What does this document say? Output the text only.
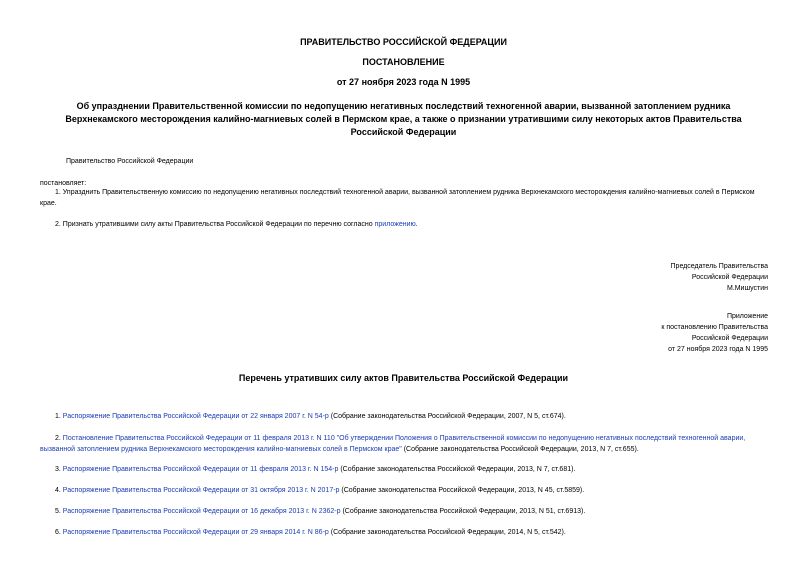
ПРАВИТЕЛЬСТВО РОССИЙСКОЙ ФЕДЕРАЦИИ
ПОСТАНОВЛЕНИЕ
от 27 ноября 2023 года N 1995
Об упразднении Правительственной комиссии по недопущению негативных последствий техногенной аварии, вызванной затоплением рудника Верхнекамского месторождения калийно-магниевых солей в Пермском крае, а также о признании утратившими силу некоторых актов Правительства Российской Федерации
Правительство Российской Федерации
постановляет:
1. Упразднить Правительственную комиссию по недопущению негативных последствий техногенной аварии, вызванной затоплением рудника Верхнекамского месторождения калийно-магниевых солей в Пермском крае.
2. Признать утратившими силу акты Правительства Российской Федерации по перечню согласно приложению.
Председатель Правительства
Российской Федерации
М.Мишустин
Приложение
к постановлению Правительства
Российской Федерации
от 27 ноября 2023 года N 1995
Перечень утративших силу актов Правительства Российской Федерации
1. Распоряжение Правительства Российской Федерации от 22 января 2007 г. N 54-р (Собрание законодательства Российской Федерации, 2007, N 5, ст.674).
2. Постановление Правительства Российской Федерации от 11 февраля 2013 г. N 110 "Об утверждении Положения о Правительственной комиссии по недопущению негативных последствий техногенной аварии, вызванной затоплением рудника Верхнекамского месторождения калийно-магниевых солей в Пермском крае" (Собрание законодательства Российской Федерации, 2013, N 7, ст.655).
3. Распоряжение Правительства Российской Федерации от 11 февраля 2013 г. N 154-р (Собрание законодательства Российской Федерации, 2013, N 7, ст.681).
4. Распоряжение Правительства Российской Федерации от 31 октября 2013 г. N 2017-р (Собрание законодательства Российской Федерации, 2013, N 45, ст.5859).
5. Распоряжение Правительства Российской Федерации от 16 декабря 2013 г. N 2362-р (Собрание законодательства Российской Федерации, 2013, N 51, ст.6913).
6. Распоряжение Правительства Российской Федерации от 29 января 2014 г. N 86-р (Собрание законодательства Российской Федерации, 2014, N 5, ст.542).
